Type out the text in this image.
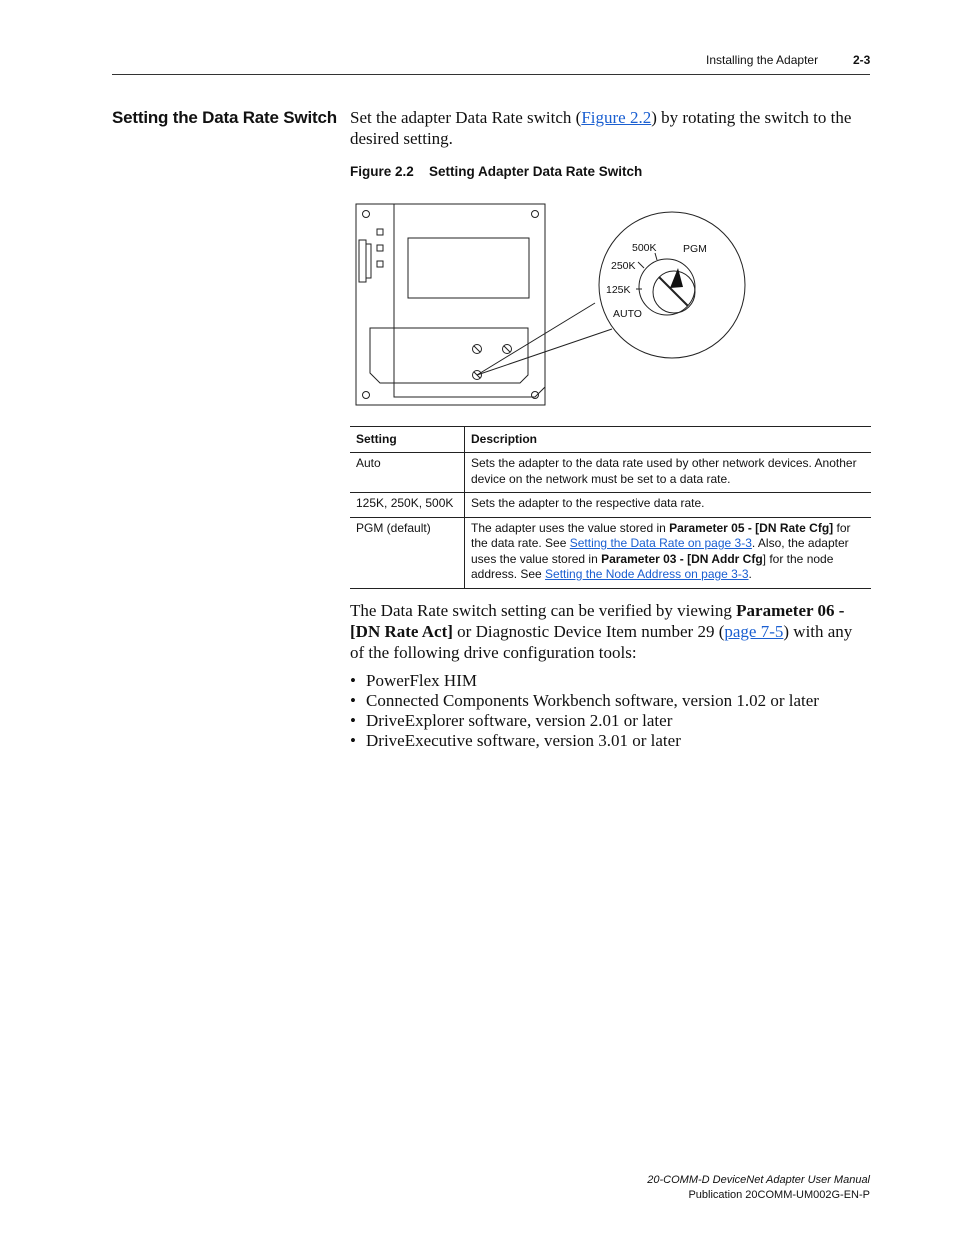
Installing the Adapter	2-3
Setting the Data Rate Switch Set the adapter Data Rate switch (Figure 2.2) by rotating the switch to the desired setting.
Figure 2.2 Setting Adapter Data Rate Switch
500K	PGM
250K
125K
AUTO
Setting	Description
Auto	Sets the adapter to the data rate used by other network devices. Another device on the network must be set to a data rate.
125K, 250K, 500K	Sets the adapter to the respective data rate.
PGM (default)	The adapter uses the value stored in Parameter 05 - [DN Rate Cfg] for the data rate. See Setting the Data Rate on page 3-3. Also, the adapter uses the value stored in Parameter 03 - [DN Addr Cfg] for the node address. See Setting the Node Address on page 3-3.
The Data Rate switch setting can be verified by viewing Parameter 06 - [DN Rate Act] or Diagnostic Device Item number 29 (page 7-5) with any of the following drive configuration tools:
• PowerFlex HIM
• Connected Components Workbench software, version 1.02 or later
• DriveExplorer software, version 2.01 or later
• DriveExecutive software, version 3.01 or later
20-COMM-D DeviceNet Adapter User Manual
Publication 20COMM-UM002G-EN-P
